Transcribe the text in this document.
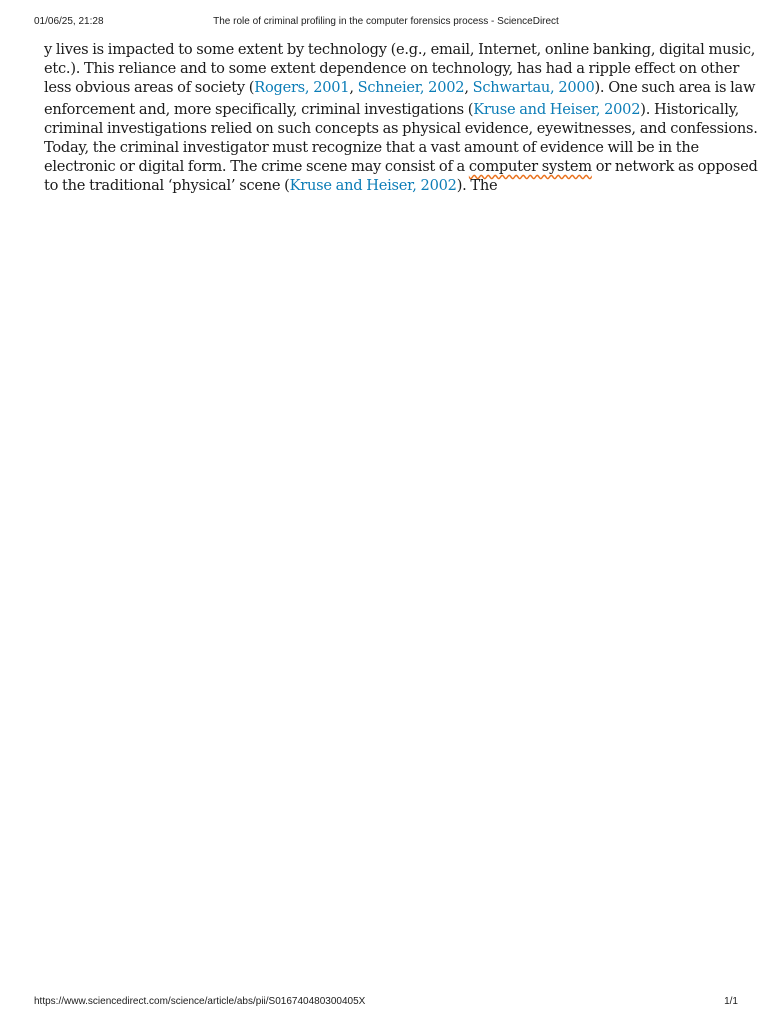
01/06/25, 21:28	The role of criminal profiling in the computer forensics process - ScienceDirect
y lives is impacted to some extent by technology (e.g., email, Internet, online banking, digital music,
etc.). This reliance and to some extent dependence on technology, has had a ripple effect on other
less obvious areas of society (Rogers, 2001, Schneier, 2002, Schwartau, 2000). One such area is law
enforcement and, more specifically, criminal investigations (Kruse and Heiser, 2002). Historically,
criminal investigations relied on such concepts as physical evidence, eyewitnesses, and confessions.
Today, the criminal investigator must recognize that a vast amount of evidence will be in the
electronic or digital form. The crime scene may consist of a computer system or network as opposed
to the traditional ‘physical’ scene (Kruse and Heiser, 2002). The
https://www.sciencedirect.com/science/article/abs/pii/S016740480300405X	1/1
